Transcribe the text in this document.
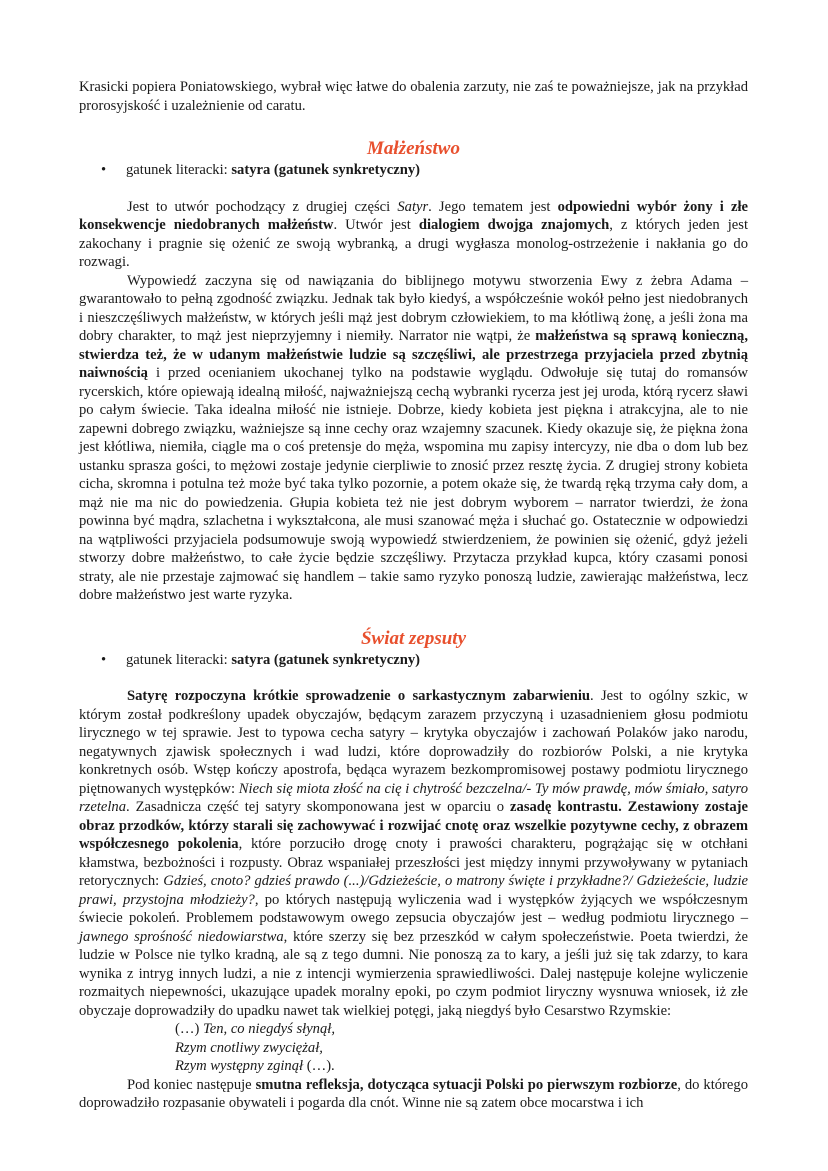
Krasicki popiera Poniatowskiego, wybrał więc łatwe do obalenia zarzuty, nie zaś te poważniejsze, jak na przykład prorosyjskość i uzależnienie od caratu.

Małżeństwo
• gatunek literacki: satyra (gatunek synkretyczny)

Jest to utwór pochodzący z drugiej części Satyr. Jego tematem jest odpowiedni wybór żony i złe konsekwencje niedobranych małżeństw. Utwór jest dialogiem dwojga znajomych, z których jeden jest zakochany i pragnie się ożenić ze swoją wybranką, a drugi wygłasza monolog-ostrzeżenie i nakłania go do rozwagi.

Wypowiedź zaczyna się od nawiązania do biblijnego motywu stworzenia Ewy z żebra Adama – gwarantowało to pełną zgodność związku. Jednak tak było kiedyś, a współcześnie wokół pełno jest niedobranych i nieszczęśliwych małżeństw, w których jeśli mąż jest dobrym człowiekiem, to ma kłótliwą żonę, a jeśli żona ma dobry charakter, to mąż jest nieprzyjemny i niemiły. Narrator nie wątpi, że małżeństwa są sprawą konieczną, stwierdza też, że w udanym małżeństwie ludzie są szczęśliwi, ale przestrzega przyjaciela przed zbytnią naiwnością i przed ocenianiem ukochanej tylko na podstawie wyglądu. Odwołuje się tutaj do romansów rycerskich, które opiewają idealną miłość, najważniejszą cechą wybranki rycerza jest jej uroda, którą rycerz sławi po całym świecie. Taka idealna miłość nie istnieje. Dobrze, kiedy kobieta jest piękna i atrakcyjna, ale to nie zapewni dobrego związku, ważniejsze są inne cechy oraz wzajemny szacunek. Kiedy okazuje się, że piękna żona jest kłótliwa, niemiła, ciągle ma o coś pretensje do męża, wspomina mu zapisy intercyzy, nie dba o dom lub bez ustanku sprasza gości, to mężowi zostaje jedynie cierpliwie to znosić przez resztę życia. Z drugiej strony kobieta cicha, skromna i potulna też może być taka tylko pozornie, a potem okaże się, że twardą ręką trzyma cały dom, a mąż nie ma nic do powiedzenia. Głupia kobieta też nie jest dobrym wyborem – narrator twierdzi, że żona powinna być mądra, szlachetna i wykształcona, ale musi szanować męża i słuchać go. Ostatecznie w odpowiedzi na wątpliwości przyjaciela podsumowuje swoją wypowiedź stwierdzeniem, że powinien się ożenić, gdyż jeżeli stworzy dobre małżeństwo, to całe życie będzie szczęśliwy. Przytacza przykład kupca, który czasami ponosi straty, ale nie przestaje zajmować się handlem – takie samo ryzyko ponoszą ludzie, zawierając małżeństwa, lecz dobre małżeństwo jest warte ryzyka.

Świat zepsuty
• gatunek literacki: satyra (gatunek synkretyczny)

Satyrę rozpoczyna krótkie sprowadzenie o sarkastycznym zabarwieniu. Jest to ogólny szkic, w którym został podkreślony upadek obyczajów, będącym zarazem przyczyną i uzasadnieniem głosu podmiotu lirycznego w tej sprawie. Jest to typowa cecha satyry – krytyka obyczajów i zachowań Polaków jako narodu, negatywnych zjawisk społecznych i wad ludzi, które doprowadziły do rozbiorów Polski, a nie krytyka konkretnych osób. Wstęp kończy apostrofa, będąca wyrazem bezkompromisowej postawy podmiotu lirycznego piętnowanych występków: Niech się miota złość na cię i chytrość bezczelna/- Ty mów prawdę, mów śmiało, satyro rzetelna. Zasadnicza część tej satyry skomponowana jest w oparciu o zasadę kontrastu. Zestawiony zostaje obraz przodków, którzy starali się zachowywać i rozwijać cnotę oraz wszelkie pozytywne cechy, z obrazem współczesnego pokolenia, które porzuciło drogę cnoty i prawości charakteru, pogrążając się w otchłani kłamstwa, bezbożności i rozpusty. Obraz wspaniałej przeszłości jest między innymi przywoływany w pytaniach retorycznych: Gdzieś, cnoto? gdzieś prawdo (...)/Gdzieżeście, o matrony święte i przykładne?/ Gdzieżeście, ludzie prawi, przystojna młodzieży?, po których następują wyliczenia wad i występków żyjących we współczesnym świecie pokoleń. Problemem podstawowym owego zepsucia obyczajów jest – według podmiotu lirycznego – jawnego sprośność niedowiarstwa, które szerzy się bez przeszkód w całym społeczeństwie. Poeta twierdzi, że ludzie w Polsce nie tylko kradną, ale są z tego dumni. Nie ponoszą za to kary, a jeśli już się tak zdarzy, to kara wynika z intryg innych ludzi, a nie z intencji wymierzenia sprawiedliwości. Dalej następuje kolejne wyliczenie rozmaitych niepewności, ukazujące upadek moralny epoki, po czym podmiot liryczny wysnuwa wniosek, iż złe obyczaje doprowadziły do upadku nawet tak wielkiej potęgi, jaką niegdyś było Cesarstwo Rzymskie:

(…) Ten, co niegdyś słynął,

Rzym cnotliwy zwyciężał,

Rzym występny zginął (…).

Pod koniec następuje smutna refleksja, dotycząca sytuacji Polski po pierwszym rozbiorze, do którego doprowadziło rozpasanie obywateli i pogarda dla cnót. Winne nie są zatem obce mocarstwa i ich
